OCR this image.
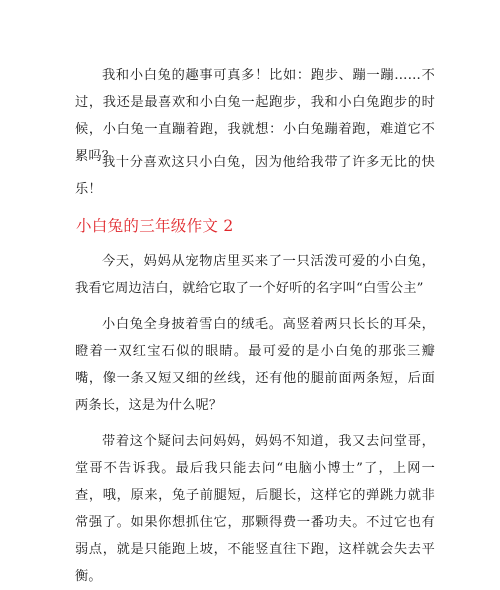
我和小白兔的趣事可真多！比如：跑步、蹦一蹦……不过，我还是最喜欢和小白兔一起跑步，我和小白兔跑步的时候，小白兔一直蹦着跑，我就想：小白兔蹦着跑，难道它不累吗？

我十分喜欢这只小白兔，因为他给我带了许多无比的快乐！

小白兔的三年级作文 2

今天，妈妈从宠物店里买来了一只活泼可爱的小白兔，我看它周边洁白，就给它取了一个好听的名字叫“白雪公主”

小白兔全身披着雪白的绒毛。高竖着两只长长的耳朵，瞪着一双红宝石似的眼睛。最可爱的是小白兔的那张三瓣嘴，像一条又短又细的丝线，还有他的腿前面两条短，后面两条长，这是为什么呢？

带着这个疑问去问妈妈，妈妈不知道，我又去问堂哥，堂哥不告诉我。最后我只能去问“电脑小博士”了，上网一查，哦，原来，兔子前腿短，后腿长，这样它的弹跳力就非常强了。如果你想抓住它，那颗得费一番功夫。不过它也有弱点，就是只能跑上坡，不能竖直往下跑，这样就会失去平衡。
